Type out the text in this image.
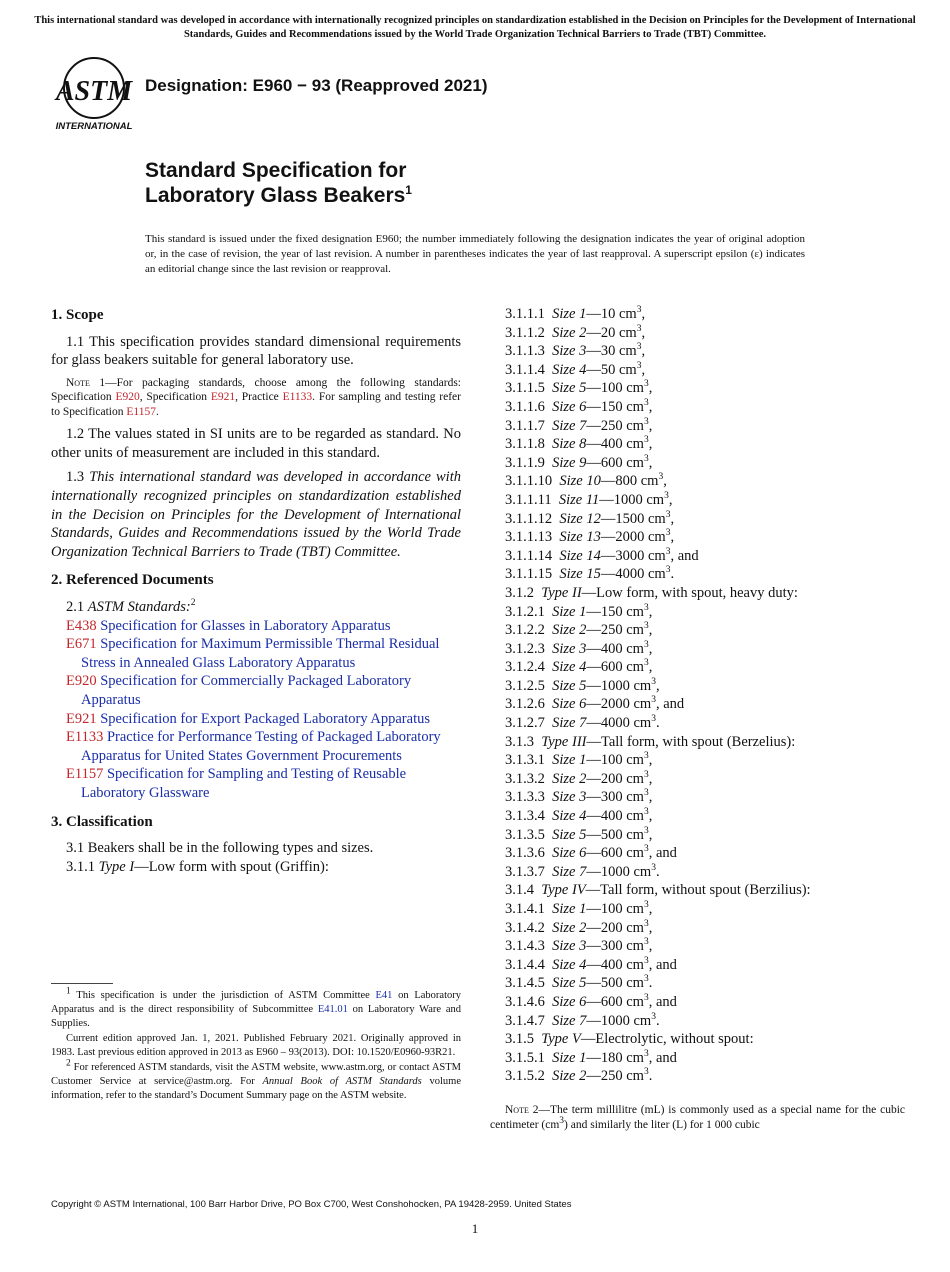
This international standard was developed in accordance with internationally recognized principles on standardization established in the Decision on Principles for the Development of International Standards, Guides and Recommendations issued by the World Trade Organization Technical Barriers to Trade (TBT) Committee.
ASTM
INTERNATIONAL
Designation: E960 − 93 (Reapproved 2021)
Standard Specification for
Laboratory Glass Beakers$^1$
This standard is issued under the fixed designation E960; the number immediately following the designation indicates the year of original adoption or, in the case of revision, the year of last revision. A number in parentheses indicates the year of last reapproval. A superscript epsilon (ε) indicates an editorial change since the last revision or reapproval.
1. Scope
1.1 This specification provides standard dimensional requirements for glass beakers suitable for general laboratory use.
Note 1—For packaging standards, choose among the following standards: Specification E920, Specification E921, Practice E1133. For sampling and testing refer to Specification E1157.
1.2 The values stated in SI units are to be regarded as standard. No other units of measurement are included in this standard.
1.3 This international standard was developed in accordance with internationally recognized principles on standardization established in the Decision on Principles for the Development of International Standards, Guides and Recommendations issued by the World Trade Organization Technical Barriers to Trade (TBT) Committee.
2. Referenced Documents
2.1 ASTM Standards:$^2$
E438 Specification for Glasses in Laboratory Apparatus
E671 Specification for Maximum Permissible Thermal Residual Stress in Annealed Glass Laboratory Apparatus
E920 Specification for Commercially Packaged Laboratory Apparatus
E921 Specification for Export Packaged Laboratory Apparatus
E1133 Practice for Performance Testing of Packaged Laboratory Apparatus for United States Government Procurements
E1157 Specification for Sampling and Testing of Reusable Laboratory Glassware
3. Classification
3.1 Beakers shall be in the following types and sizes.
3.1.1 Type I—Low form with spout (Griffin):

$^1$ This specification is under the jurisdiction of ASTM Committee E41 on Laboratory Apparatus and is the direct responsibility of Subcommittee E41.01 on Laboratory Ware and Supplies.

Current edition approved Jan. 1, 2021. Published February 2021. Originally approved in 1983. Last previous edition approved in 2013 as E960 – 93(2013). DOI: 10.1520/E0960-93R21.

$^2$ For referenced ASTM standards, visit the ASTM website, www.astm.org, or contact ASTM Customer Service at service@astm.org. For Annual Book of ASTM Standards volume information, refer to the standard’s Document Summary page on the ASTM website.

3.1.1.1  Size 1—10 $cm^3$,
3.1.1.2  Size 2—20 $cm^3$,
3.1.1.3  Size 3—30 $cm^3$,
3.1.1.4  Size 4—50 $cm^3$,
3.1.1.5  Size 5—100 $cm^3$,
3.1.1.6  Size 6—150 $cm^3$,
3.1.1.7  Size 7—250 $cm^3$,
3.1.1.8  Size 8—400 $cm^3$,
3.1.1.9  Size 9—600 $cm^3$,
3.1.1.10  Size 10—800 $cm^3$,
3.1.1.11  Size 11—1000 $cm^3$,
3.1.1.12  Size 12—1500 $cm^3$,
3.1.1.13  Size 13—2000 $cm^3$,
3.1.1.14  Size 14—3000 $cm^3$, and
3.1.1.15  Size 15—4000 $cm^3$.
3.1.2  Type II—Low form, with spout, heavy duty:
3.1.2.1  Size 1—150 $cm^3$,
3.1.2.2  Size 2—250 $cm^3$,
3.1.2.3  Size 3—400 $cm^3$,
3.1.2.4  Size 4—600 $cm^3$,
3.1.2.5  Size 5—1000 $cm^3$,
3.1.2.6  Size 6—2000 $cm^3$, and
3.1.2.7  Size 7—4000 $cm^3$.
3.1.3  Type III—Tall form, with spout (Berzelius):
3.1.3.1  Size 1—100 $cm^3$,
3.1.3.2  Size 2—200 $cm^3$,
3.1.3.3  Size 3—300 $cm^3$,
3.1.3.4  Size 4—400 $cm^3$,
3.1.3.5  Size 5—500 $cm^3$,
3.1.3.6  Size 6—600 $cm^3$, and
3.1.3.7  Size 7—1000 $cm^3$.
3.1.4  Type IV—Tall form, without spout (Berzilius):
3.1.4.1  Size 1—100 $cm^3$,
3.1.4.2  Size 2—200 $cm^3$,
3.1.4.3  Size 3—300 $cm^3$,
3.1.4.4  Size 4—400 $cm^3$, and
3.1.4.5  Size 5—500 $cm^3$.
3.1.4.6  Size 6—600 $cm^3$, and
3.1.4.7  Size 7—1000 $cm^3$.
3.1.5  Type V—Electrolytic, without spout:
3.1.5.1  Size 1—180 $cm^3$, and
3.1.5.2  Size 2—250 $cm^3$.
Note 2—The term millilitre (mL) is commonly used as a special name for the cubic centimeter $(cm^3)$ and similarly the liter (L) for 1 000 cubic
Copyright © ASTM International, 100 Barr Harbor Drive, PO Box C700, West Conshohocken, PA 19428-2959. United States
1
